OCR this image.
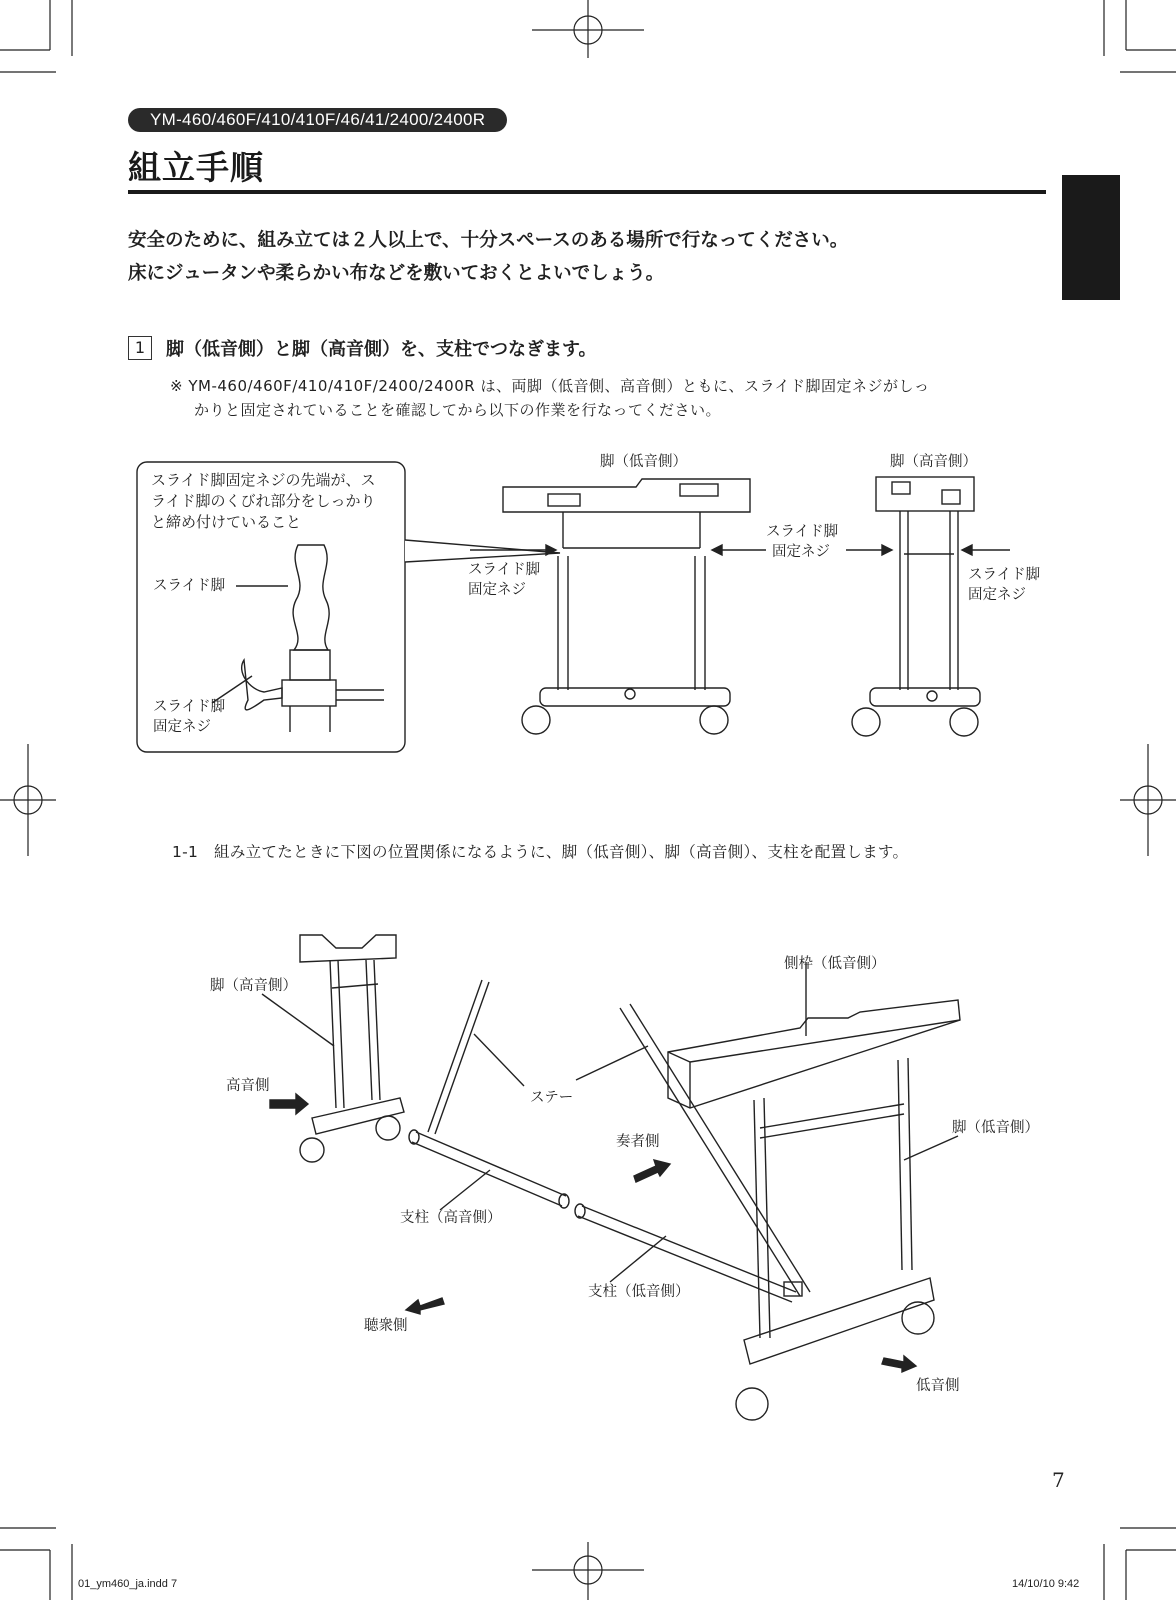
YM-460/460F/410/410F/46/41/2400/2400R
組立手順
安全のために、組み立ては２人以上で、十分スペースのある場所で行なってください。
床にジュータンや柔らかい布などを敷いておくとよいでしょう。
1	脚（低音側）と脚（高音側）を、支柱でつなぎます。
※ YM-460/460F/410/410F/2400/2400R は、両脚（低音側、高音側）ともに、スライド脚固定ネジがしっ
かりと固定されていることを確認してから以下の作業を行なってください。
スライド脚固定ネジの先端が、ス
ライド脚のくびれ部分をしっかり
と締め付けていること
スライド脚
スライド脚
固定ネジ
脚（低音側）	脚（高音側）
スライド脚
固定ネジ
スライド脚
固定ネジ
スライド脚
固定ネジ
1-1　組み立てたときに下図の位置関係になるように、脚（低音側）、脚（高音側）、支柱を配置します。
脚（高音側）
高音側
ステー
側枠（低音側）
奏者側
脚（低音側）
支柱（高音側）
支柱（低音側）
聴衆側
低音側
7
01_ym460_ja.indd 7	14/10/10 9:42
